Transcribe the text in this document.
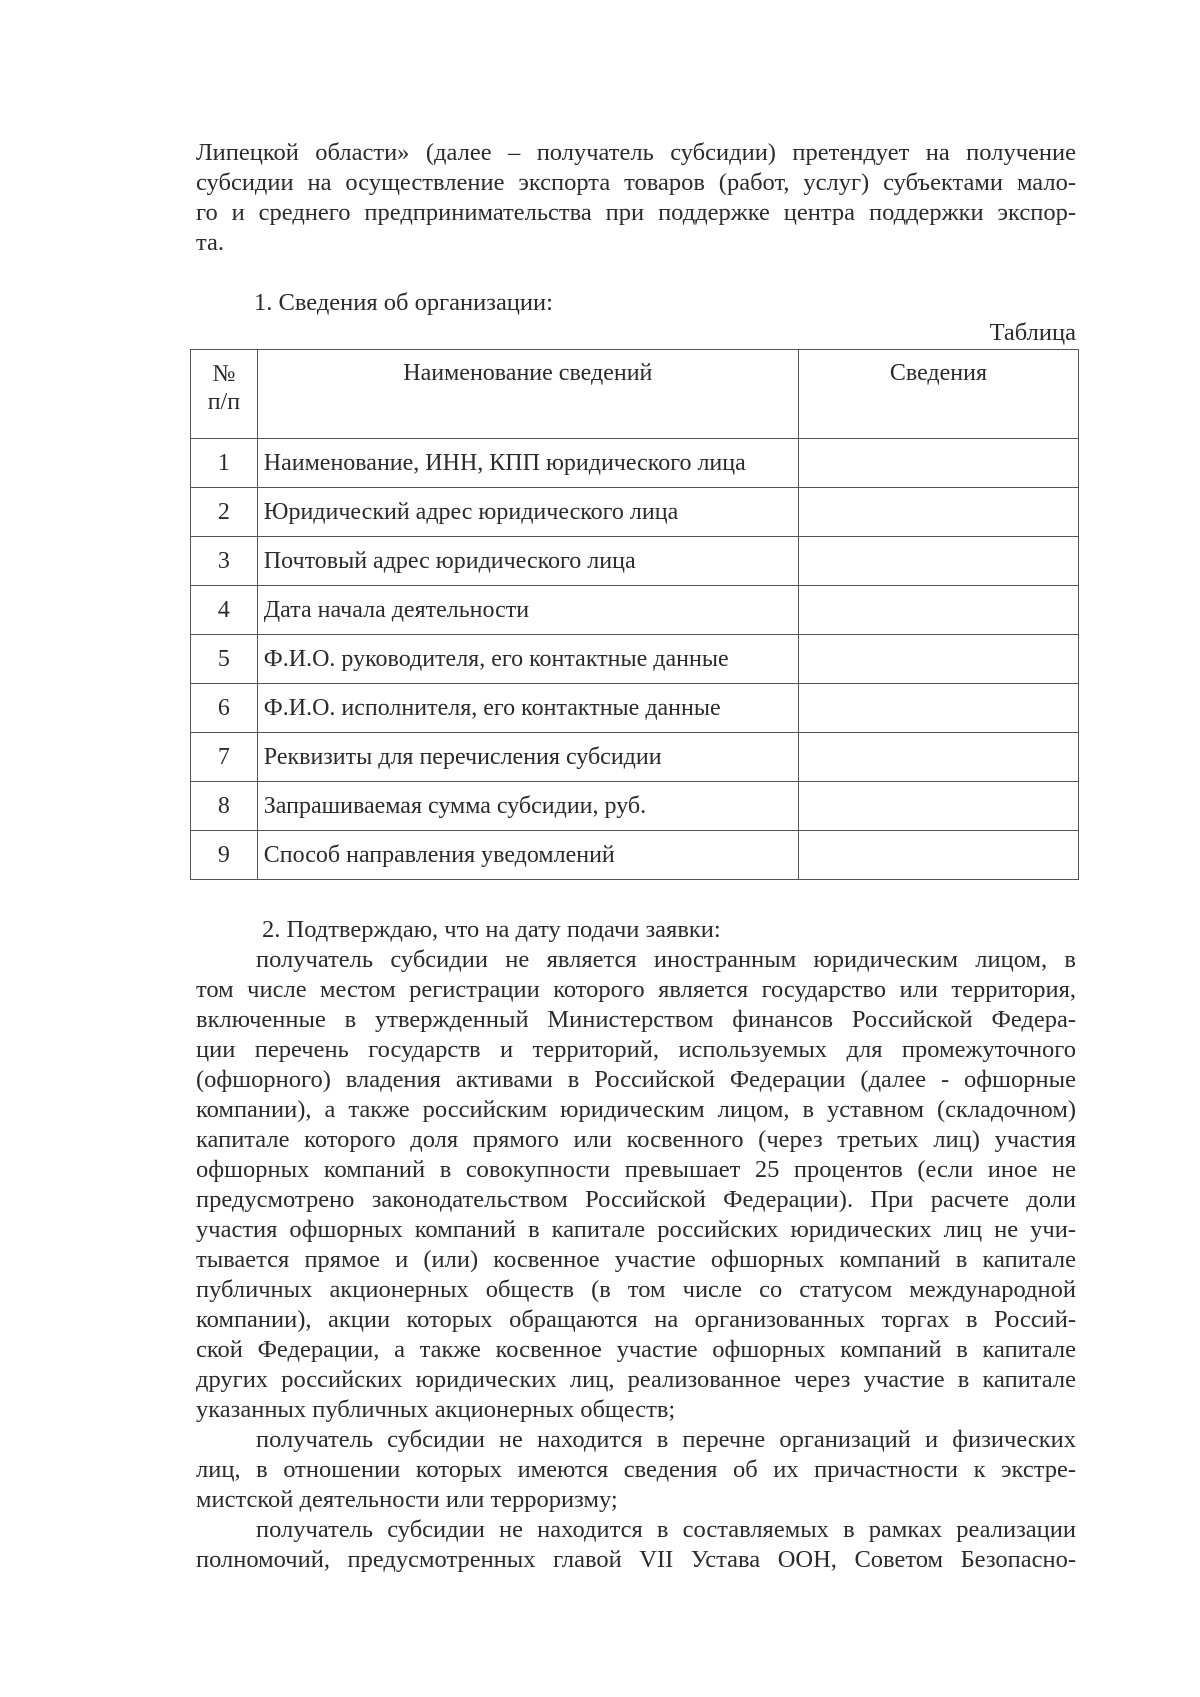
Липецкой области» (далее – получатель субсидии) претендует на получение
субсидии на осуществление экспорта товаров (работ, услуг) субъектами мало-
го и среднего предпринимательства при поддержке центра поддержки экспор-
та.

1. Сведения об организации:

Таблица

№
п/п	Наименование сведений	Сведения
1	Наименование, ИНН, КПП юридического лица	
2	Юридический адрес юридического лица	
3	Почтовый адрес юридического лица	
4	Дата начала деятельности	
5	Ф.И.О. руководителя, его контактные данные	
6	Ф.И.О. исполнителя, его контактные данные	
7	Реквизиты для перечисления субсидии	
8	Запрашиваемая сумма субсидии, руб.	
9	Способ направления уведомлений	

2. Подтверждаю, что на дату подачи заявки:

получатель субсидии не является иностранным юридическим лицом, в
том числе местом регистрации которого является государство или территория,
включенные в утвержденный Министерством финансов Российской Федера-
ции перечень государств и территорий, используемых для промежуточного
(офшорного) владения активами в Российской Федерации (далее - офшорные
компании), а также российским юридическим лицом, в уставном (складочном)
капитале которого доля прямого или косвенного (через третьих лиц) участия
офшорных компаний в совокупности превышает 25 процентов (если иное не
предусмотрено законодательством Российской Федерации). При расчете доли
участия офшорных компаний в капитале российских юридических лиц не учи-
тывается прямое и (или) косвенное участие офшорных компаний в капитале
публичных акционерных обществ (в том числе со статусом международной
компании), акции которых обращаются на организованных торгах в Россий-
ской Федерации, а также косвенное участие офшорных компаний в капитале
других российских юридических лиц, реализованное через участие в капитале
указанных публичных акционерных обществ;

получатель субсидии не находится в перечне организаций и физических
лиц, в отношении которых имеются сведения об их причастности к экстре-
мистской деятельности или терроризму;

получатель субсидии не находится в составляемых в рамках реализации
полномочий, предусмотренных главой VII Устава ООН, Советом Безопасно-
